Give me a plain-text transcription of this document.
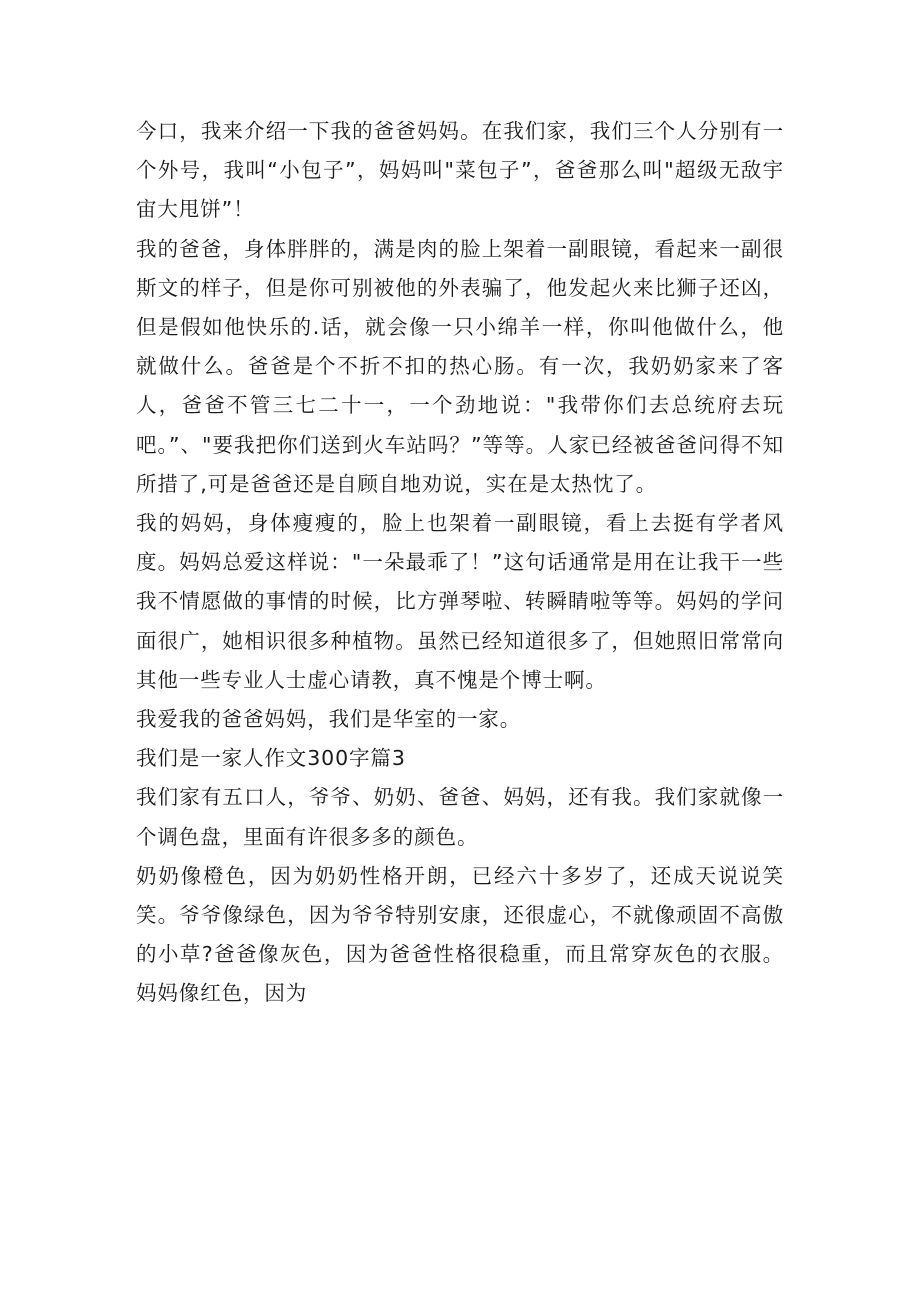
今口，我来介绍一下我的爸爸妈妈。在我们家，我们三个人分别有一个外号，我叫“小包子”，妈妈叫"菜包子”，爸爸那么叫"超级无敌宇宙大甩饼”！

我的爸爸，身体胖胖的，满是肉的脸上架着一副眼镜，看起来一副很斯文的样子，但是你可别被他的外表骗了，他发起火来比狮子还凶，但是假如他快乐的.话，就会像一只小绵羊一样，你叫他做什么，他就做什么。爸爸是个不折不扣的热心肠。有一次，我奶奶家来了客人，爸爸不管三七二十一，一个劲地说："我带你们去总统府去玩吧。”、"要我把你们送到火车站吗？”等等。人家已经被爸爸问得不知所措了,可是爸爸还是自顾自地劝说，实在是太热忱了。

我的妈妈，身体瘦瘦的，脸上也架着一副眼镜，看上去挺有学者风度。妈妈总爱这样说："一朵最乖了！”这句话通常是用在让我干一些我不情愿做的事情的时候，比方弹琴啦、转瞬睛啦等等。妈妈的学问面很广，她相识很多种植物。虽然已经知道很多了，但她照旧常常向其他一些专业人士虚心请教，真不愧是个博士啊。

我爱我的爸爸妈妈，我们是华室的一家。

我们是一家人作文300字篇3

我们家有五口人，爷爷、奶奶、爸爸、妈妈，还有我。我们家就像一个调色盘，里面有许很多多的颜色。

奶奶像橙色，因为奶奶性格开朗，已经六十多岁了，还成天说说笑笑。爷爷像绿色，因为爷爷特别安康，还很虚心，不就像顽固不高傲的小草?爸爸像灰色，因为爸爸性格很稳重，而且常穿灰色的衣服。妈妈像红色，因为
